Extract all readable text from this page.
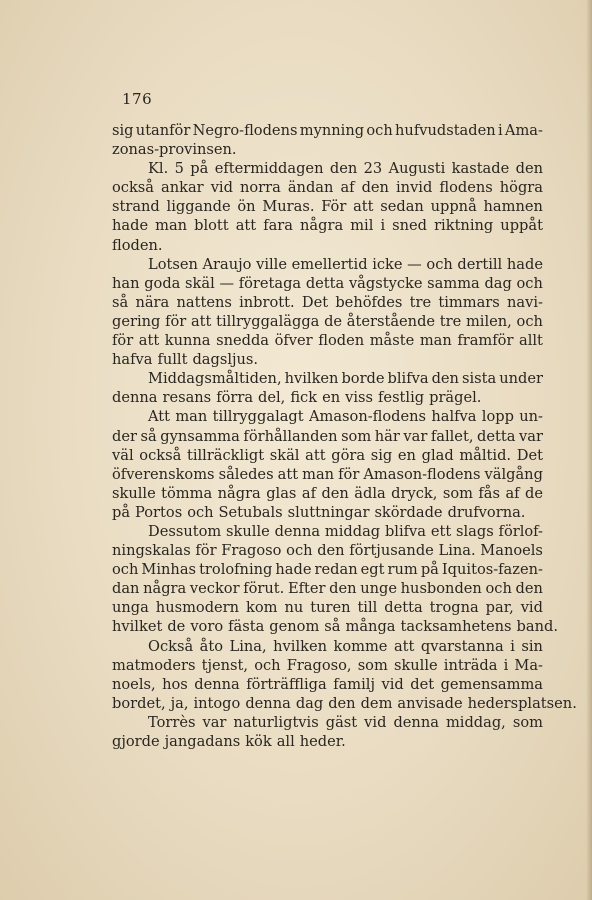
176
sig utanför Negro-flodens mynning och hufvudstaden i Ama-
zonas-provinsen.
Kl. 5 på eftermiddagen den 23 Augusti kastade den
också ankar vid norra ändan af den invid flodens högra
strand liggande ön Muras. För att sedan uppnå hamnen
hade man blott att fara några mil i sned riktning uppåt
floden.
Lotsen Araujo ville emellertid icke — och dertill hade
han goda skäl — företaga detta vågstycke samma dag och
så nära nattens inbrott. Det behöfdes tre timmars navi-
gering för att tillryggalägga de återstående tre milen, och
för att kunna snedda öfver floden måste man framför allt
hafva fullt dagsljus.
Middagsmåltiden, hvilken borde blifva den sista under
denna resans förra del, fick en viss festlig prägel.
Att man tillryggalagt Amason-flodens halfva lopp un-
der så gynsamma förhållanden som här var fallet, detta var
väl också tillräckligt skäl att göra sig en glad måltid. Det
öfverenskoms således att man för Amason-flodens välgång
skulle tömma några glas af den ädla dryck, som fås af de
på Portos och Setubals sluttningar skördade drufvorna.
Dessutom skulle denna middag blifva ett slags förlof-
ningskalas för Fragoso och den förtjusande Lina. Manoels
och Minhas trolofning hade redan egt rum på Iquitos-fazen-
dan några veckor förut. Efter den unge husbonden och den
unga husmodern kom nu turen till detta trogna par, vid
hvilket de voro fästa genom så många tacksamhetens band.
Också åto Lina, hvilken komme att qvarstanna i sin
matmoders tjenst, och Fragoso, som skulle inträda i Ma-
noels, hos denna förträffliga familj vid det gemensamma
bordet, ja, intogo denna dag den dem anvisade hedersplatsen.
Torrès var naturligtvis gäst vid denna middag, som
gjorde jangadans kök all heder.
